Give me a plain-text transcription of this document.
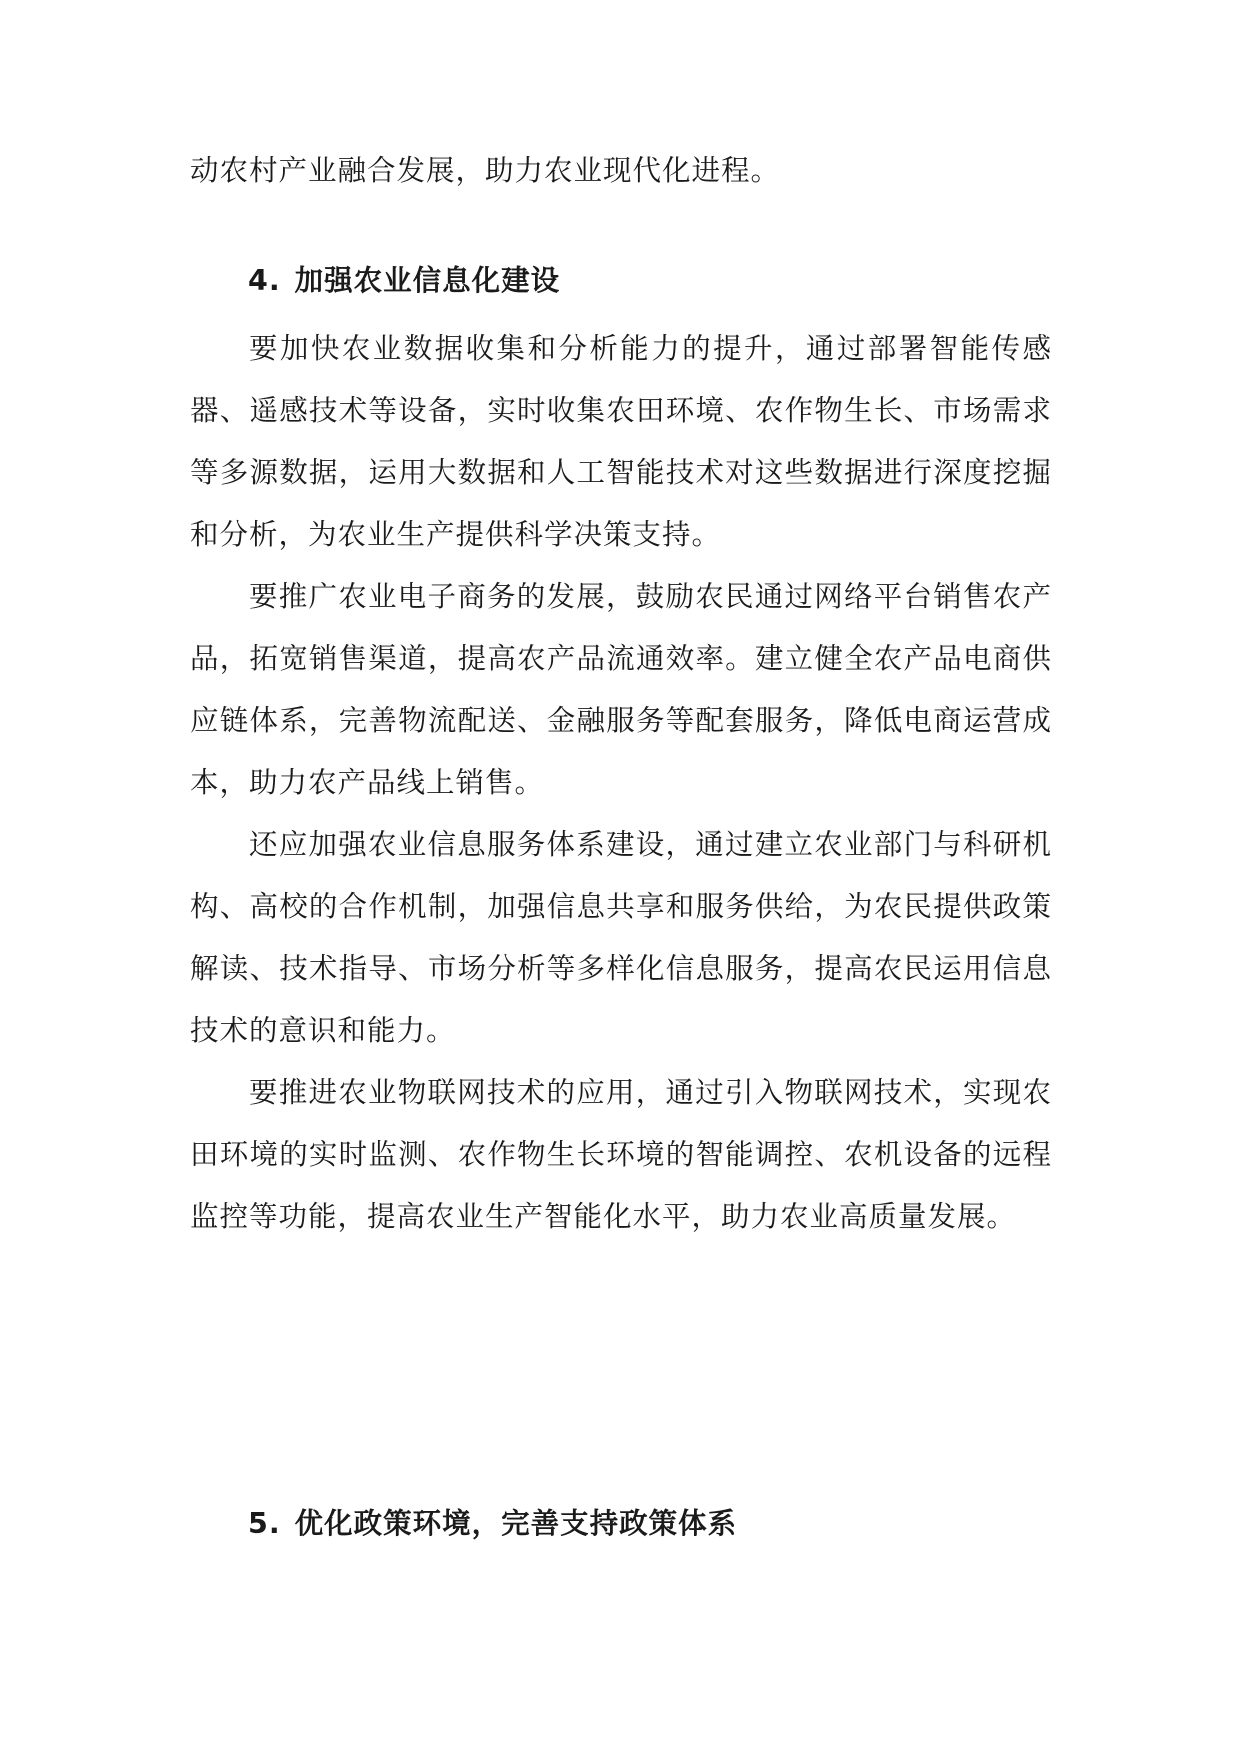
动农村产业融合发展，助力农业现代化进程。
4. 加强农业信息化建设

要加快农业数据收集和分析能力的提升，通过部署智能传感器、遥感技术等设备，实时收集农田环境、农作物生长、市场需求等多源数据，运用大数据和人工智能技术对这些数据进行深度挖掘和分析，为农业生产提供科学决策支持。

要推广农业电子商务的发展，鼓励农民通过网络平台销售农产品，拓宽销售渠道，提高农产品流通效率。建立健全农产品电商供应链体系，完善物流配送、金融服务等配套服务，降低电商运营成本，助力农产品线上销售。

还应加强农业信息服务体系建设，通过建立农业部门与科研机构、高校的合作机制，加强信息共享和服务供给，为农民提供政策解读、技术指导、市场分析等多样化信息服务，提高农民运用信息技术的意识和能力。

要推进农业物联网技术的应用，通过引入物联网技术，实现农田环境的实时监测、农作物生长环境的智能调控、农机设备的远程监控等功能，提高农业生产智能化水平，助力农业高质量发展。

5. 优化政策环境，完善支持政策体系
